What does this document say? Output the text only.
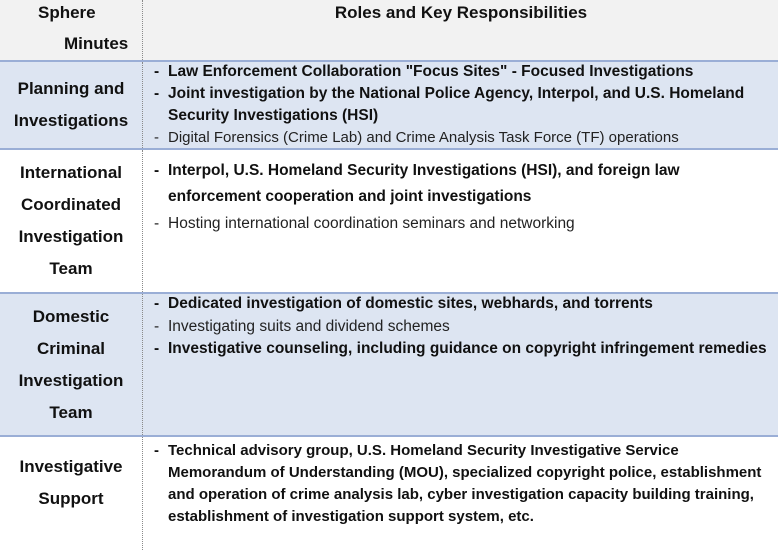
Sphere
Minutes
Roles and Key Responsibilities
Planning and
Investigations
- Law Enforcement Collaboration "Focus Sites" - Focused Investigations
- Joint investigation by the National Police Agency, Interpol, and U.S. Homeland Security Investigations (HSI)
- Digital Forensics (Crime Lab) and Crime Analysis Task Force (TF) operations
International
Coordinated
Investigation
Team
- Interpol, U.S. Homeland Security Investigations (HSI), and foreign law enforcement cooperation and joint investigations
- Hosting international coordination seminars and networking
Domestic
Criminal
Investigation
Team
- Dedicated investigation of domestic sites, webhards, and torrents
- Investigating suits and dividend schemes
- Investigative counseling, including guidance on copyright infringement remedies
Investigative
Support
- Technical advisory group, U.S. Homeland Security Investigative Service Memorandum of Understanding (MOU), specialized copyright police, establishment and operation of crime analysis lab, cyber investigation capacity building training, establishment of investigation support system, etc.
